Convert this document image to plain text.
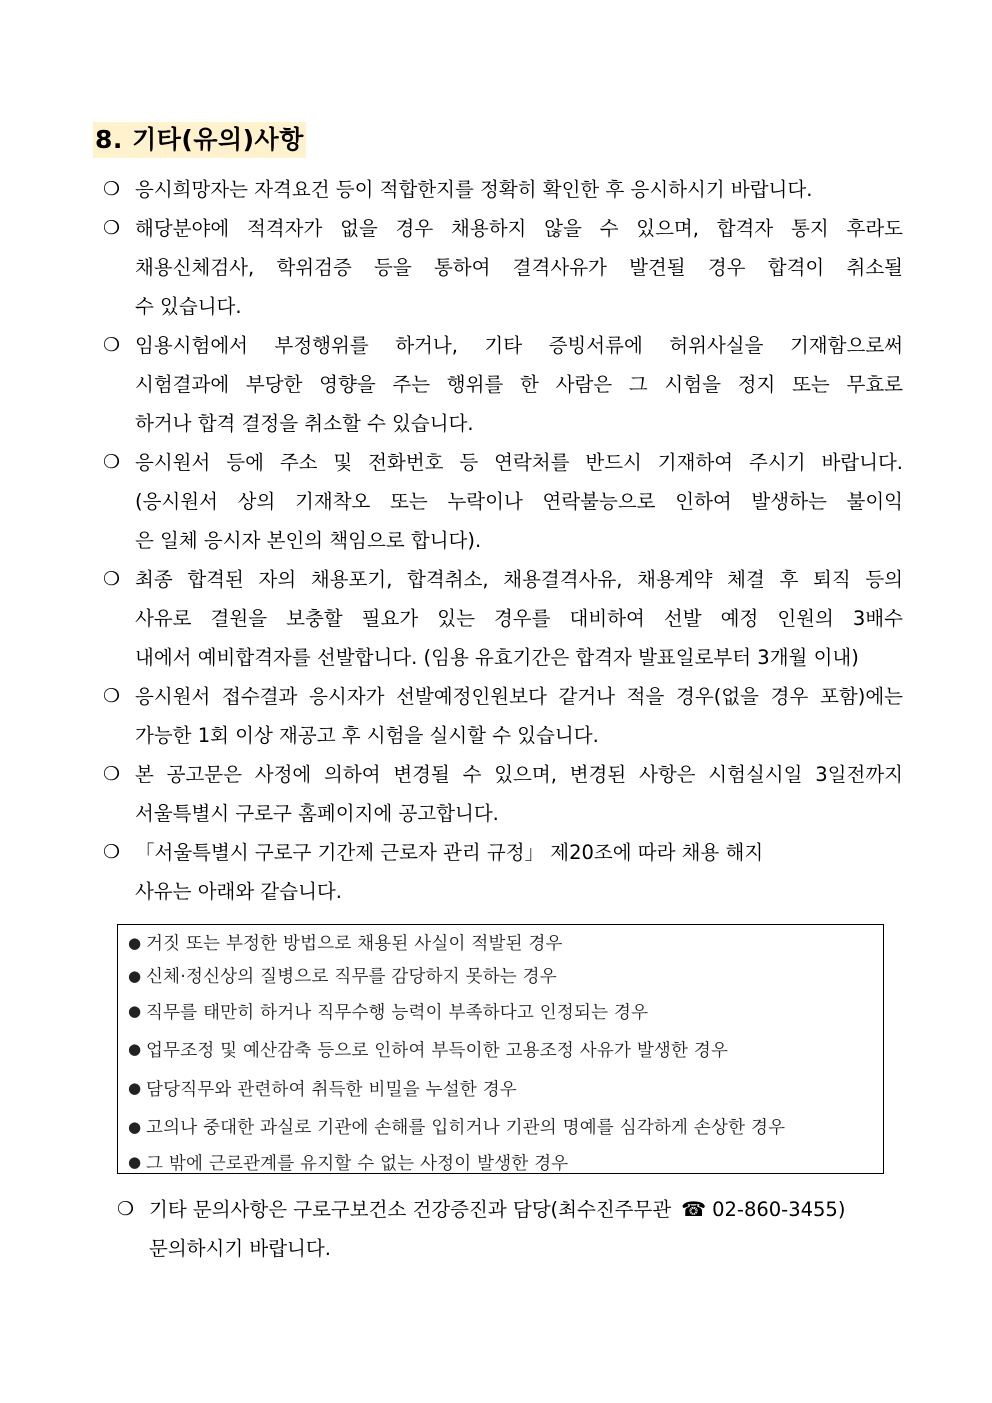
8. 기타(유의)사항
❍ 응시희망자는 자격요건 등이 적합한지를 정확히 확인한 후 응시하시기 바랍니다.
❍ 해당분야에 적격자가 없을 경우 채용하지 않을 수 있으며, 합격자 통지 후라도
채용신체검사, 학위검증 등을 통하여 결격사유가 발견될 경우 합격이 취소될
수 있습니다.
❍ 임용시험에서 부정행위를 하거나, 기타 증빙서류에 허위사실을 기재함으로써
시험결과에 부당한 영향을 주는 행위를 한 사람은 그 시험을 정지 또는 무효로
하거나 합격 결정을 취소할 수 있습니다.
❍ 응시원서 등에 주소 및 전화번호 등 연락처를 반드시 기재하여 주시기 바랍니다.
(응시원서 상의 기재착오 또는 누락이나 연락불능으로 인하여 발생하는 불이익
은 일체 응시자 본인의 책임으로 합니다).
❍ 최종 합격된 자의 채용포기, 합격취소, 채용결격사유, 채용계약 체결 후 퇴직 등의
사유로 결원을 보충할 필요가 있는 경우를 대비하여 선발 예정 인원의 3배수
내에서 예비합격자를 선발합니다. (임용 유효기간은 합격자 발표일로부터 3개월 이내)
❍ 응시원서 접수결과 응시자가 선발예정인원보다 같거나 적을 경우(없을 경우 포함)에는
가능한 1회 이상 재공고 후 시험을 실시할 수 있습니다.
❍ 본 공고문은 사정에 의하여 변경될 수 있으며, 변경된 사항은 시험실시일 3일전까지
서울특별시 구로구 홈페이지에 공고합니다.
❍ 「서울특별시 구로구 기간제 근로자 관리 규정」 제20조에 따라 채용 해지
사유는 아래와 같습니다.
● 거짓 또는 부정한 방법으로 채용된 사실이 적발된 경우
● 신체·정신상의 질병으로 직무를 감당하지 못하는 경우
● 직무를 태만히 하거나 직무수행 능력이 부족하다고 인정되는 경우
● 업무조정 및 예산감축 등으로 인하여 부득이한 고용조정 사유가 발생한 경우
● 담당직무와 관련하여 취득한 비밀을 누설한 경우
● 고의나 중대한 과실로 기관에 손해를 입히거나 기관의 명예를 심각하게 손상한 경우
● 그 밖에 근로관계를 유지할 수 없는 사정이 발생한 경우
❍ 기타 문의사항은 구로구보건소 건강증진과 담당(최수진주무관 ☎ 02-860-3455)
문의하시기 바랍니다.
